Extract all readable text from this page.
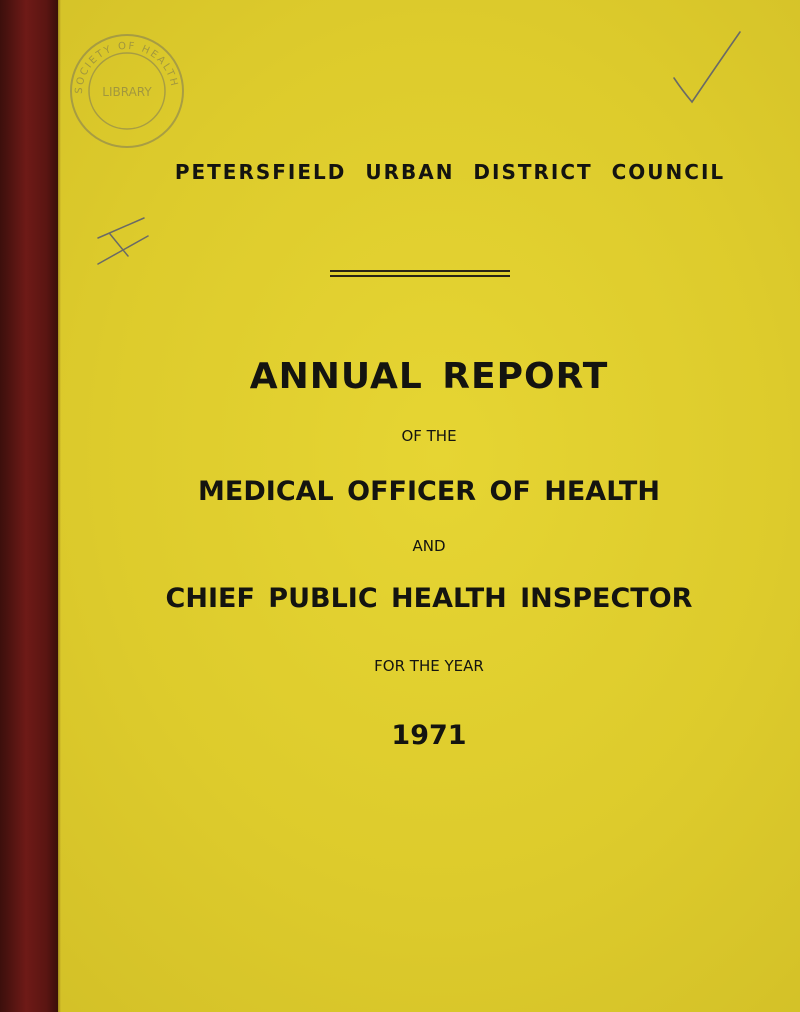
SOCIETY OF HEALTH
LIBRARY
PETERSFIELD URBAN DISTRICT COUNCIL
ANNUAL REPORT
OF THE
MEDICAL OFFICER OF HEALTH
AND
CHIEF PUBLIC HEALTH INSPECTOR
FOR THE YEAR
1971
